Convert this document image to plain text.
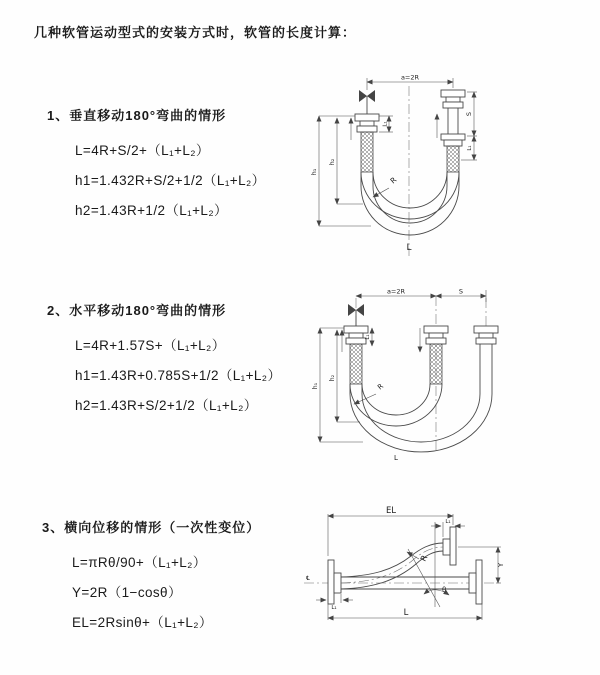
几种软管运动型式的安装方式时，软管的长度计算：
1、垂直移动180°弯曲的情形
L=4R+S/2+（L₁+L₂）
h1=1.432R+S/2+1/2（L₁+L₂）
h2=1.43R+1/2（L₁+L₂）
a=2R
L₁
S
L₁
h₁
h₂
R
L
2、水平移动180°弯曲的情形
L=4R+1.57S+（L₁+L₂）
h1=1.43R+0.785S+1/2（L₁+L₂）
h2=1.43R+S/2+1/2（L₁+L₂）
a=2R	S
L₁
h₁
h₂
R
L
3、横向位移的情形（一次性变位）
L=πRθ/90+（L₁+L₂）
Y=2R（1−cosθ）
EL=2Rsinθ+（L₁+L₂）
℄
EL
L₁
Y
L
L₁
R
θ
